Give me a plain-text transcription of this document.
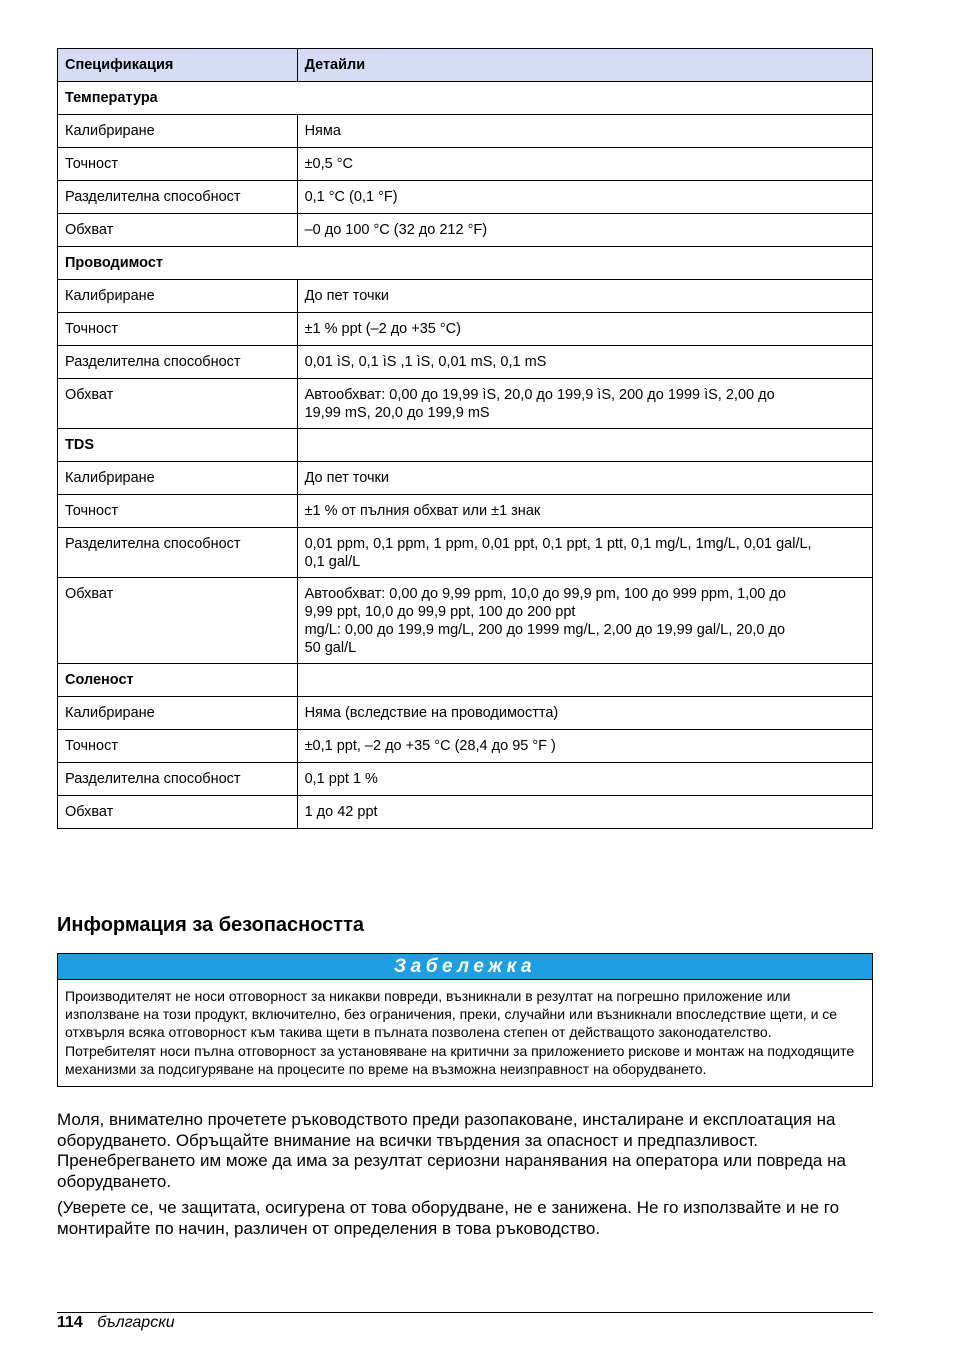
Спецификация	Детайли
Температура	
Калибриране	Няма

Точност	±0,5 °C

Разделителна способност	0,1 °C (0,1 °F)

Обхват	–0 до 100 °C (32 до 212 °F)

Проводимост	
Калибриране	До пет точки

Точност	±1 % ppt (–2 до +35 °C)

Разделителна способност	0,01 ìS, 0,1 ìS ,1 ìS, 0,01 mS, 0,1 mS

Обхват	Автообхват: 0,00 до 19,99 ìS, 20,0 до 199,9 ìS, 200 до 1999 ìS, 2,00 до
19,99 mS, 20,0 до 199,9 mS

TDS	
Калибриране	До пет точки

Точност	±1 % от пълния обхват или ±1 знак

Разделителна способност	0,01 ppm, 0,1 ppm, 1 ppm, 0,01 ppt, 0,1 ppt, 1 ptt, 0,1 mg/L, 1mg/L, 0,01 gal/L,
0,1 gal/L

Обхват	Автообхват: 0,00 до 9,99 ppm, 10,0 до 99,9 pm, 100 до 999 ppm, 1,00 до
9,99 ppt, 10,0 до 99,9 ppt, 100 до 200 ppt
mg/L: 0,00 до 199,9 mg/L, 200 до 1999 mg/L, 2,00 до 19,99 gal/L, 20,0 до
50 gal/L

Соленост	
Калибриране	Няма (вследствие на проводимостта)

Точност	±0,1 ppt, –2 до +35 °C (28,4 до 95 °F )

Разделителна способност	0,1 ppt 1 %

Обхват	1 до 42 ppt
Информация за безопасността
Забележка
Производителят не носи отговорност за никакви повреди, възникнали в резултат на погрешно приложение или използване на този продукт, включително, без ограничения, преки, случайни или възникнали впоследствие щети, и се отхвърля всяка отговорност към такива щети в пълната позволена степен от действащото законодателство. Потребителят носи пълна отговорност за установяване на критични за приложението рискове и монтаж на подходящите механизми за подсигуряване на процесите по време на възможна неизправност на оборудването.

Моля, внимателно прочетете ръководството преди разопаковане, инсталиране и експлоатация на оборудването. Обръщайте внимание на всички твърдения за опасност и предпазливост. Пренебрегването им може да има за резултат сериозни наранявания на оператора или повреда на оборудването.

(Уверете се, че защитата, осигурена от това оборудване, не е занижена. Не го използвайте и не го монтирайте по начин, различен от определения в това ръководство.

114 български
